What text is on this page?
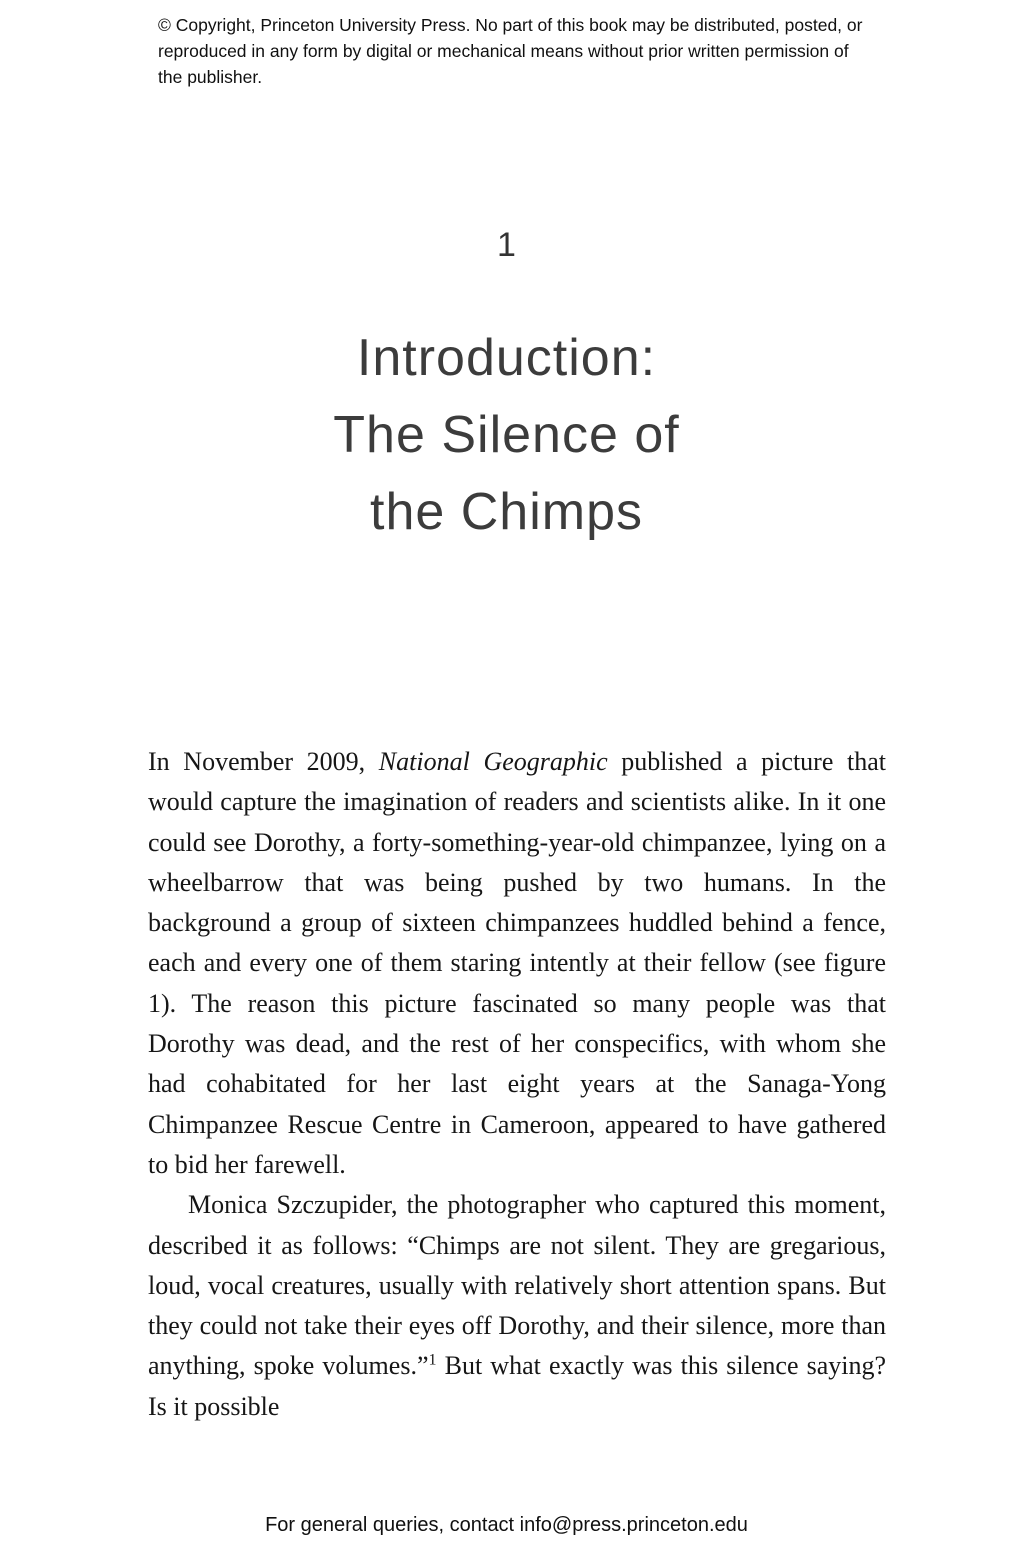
© Copyright, Princeton University Press. No part of this book may be distributed, posted, or reproduced in any form by digital or mechanical means without prior written permission of the publisher.
1
Introduction:
The Silence of
the Chimps

In November 2009, National Geographic published a picture that would capture the imagination of readers and scientists alike. In it one could see Dorothy, a forty-something-year-old chimpanzee, lying on a wheelbarrow that was being pushed by two humans. In the background a group of sixteen chimpanzees huddled behind a fence, each and every one of them staring intently at their fellow (see figure 1). The reason this picture fascinated so many people was that Dorothy was dead, and the rest of her conspecifics, with whom she had cohabitated for her last eight years at the Sanaga-Yong Chimpanzee Rescue Centre in Cameroon, appeared to have gathered to bid her farewell.

Monica Szczupider, the photographer who captured this moment, described it as follows: “Chimps are not silent. They are gregarious, loud, vocal creatures, usually with relatively short attention spans. But they could not take their eyes off Dorothy, and their silence, more than anything, spoke volumes.”$^1$ But what exactly was this silence saying? Is it possible

For general queries, contact info@press.princeton.edu
